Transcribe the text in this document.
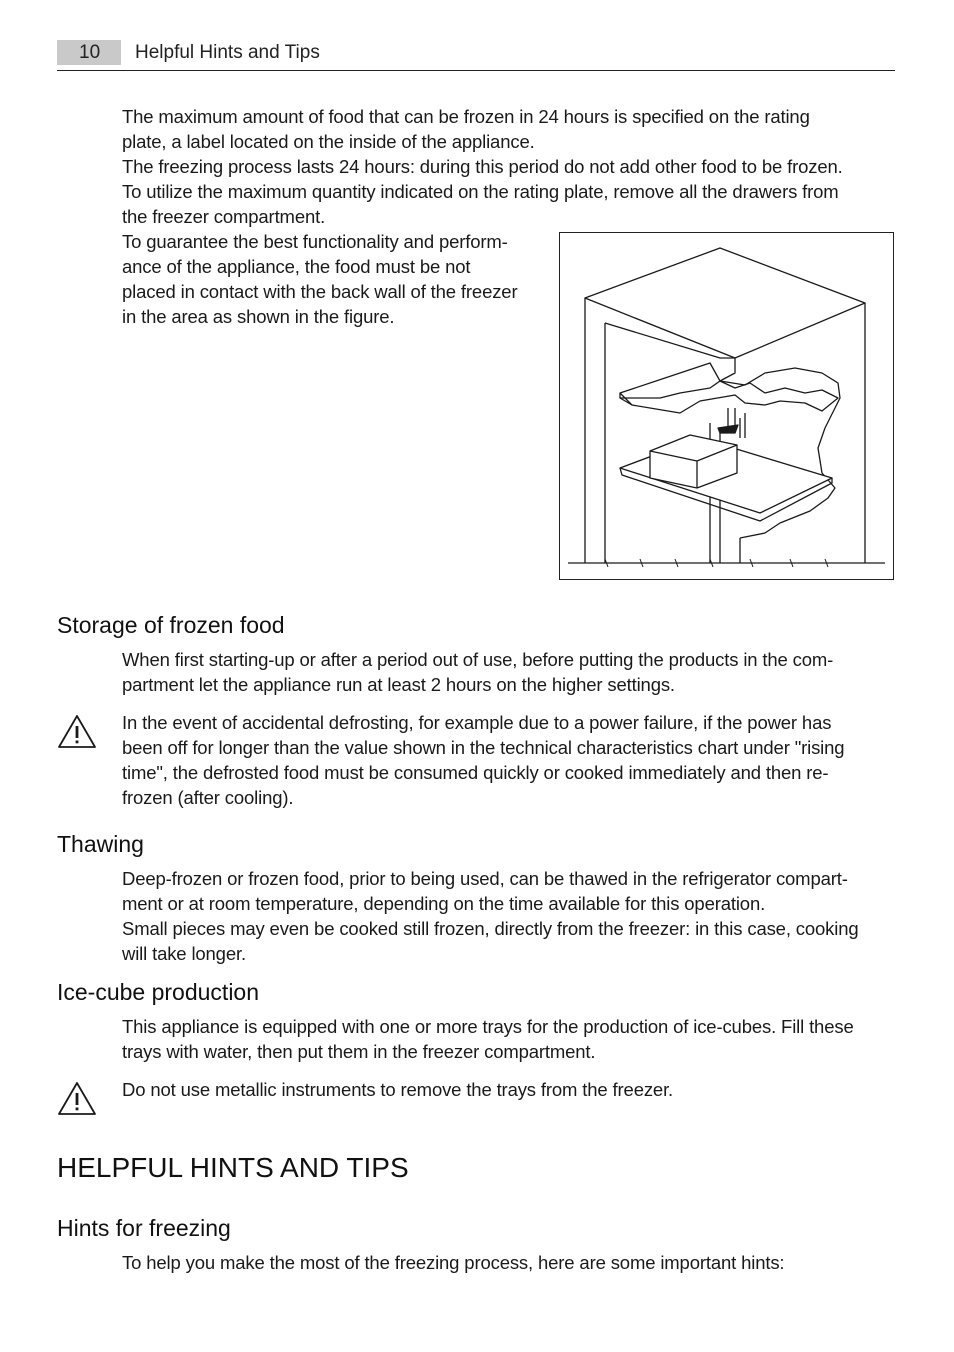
10	Helpful Hints and Tips

The maximum amount of food that can be frozen in 24 hours is specified on the rating

plate, a label located on the inside of the appliance.

The freezing process lasts 24 hours: during this period do not add other food to be frozen.

To utilize the maximum quantity indicated on the rating plate, remove all the drawers from

the freezer compartment.

To guarantee the best functionality and perform-

ance of the appliance, the food must be not

placed in contact with the back wall of the freezer

in the area as shown in the figure.

Storage of frozen food

When first starting-up or after a period out of use, before putting the products in the com-

partment let the appliance run at least 2 hours on the higher settings.

In the event of accidental defrosting, for example due to a power failure, if the power has

been off for longer than the value shown in the technical characteristics chart under "rising

time", the defrosted food must be consumed quickly or cooked immediately and then re-

frozen (after cooling).

Thawing

Deep-frozen or frozen food, prior to being used, can be thawed in the refrigerator compart-

ment or at room temperature, depending on the time available for this operation.

Small pieces may even be cooked still frozen, directly from the freezer: in this case, cooking

will take longer.

Ice-cube production

This appliance is equipped with one or more trays for the production of ice-cubes. Fill these

trays with water, then put them in the freezer compartment.

Do not use metallic instruments to remove the trays from the freezer.

HELPFUL HINTS AND TIPS
Hints for freezing

To help you make the most of the freezing process, here are some important hints:
